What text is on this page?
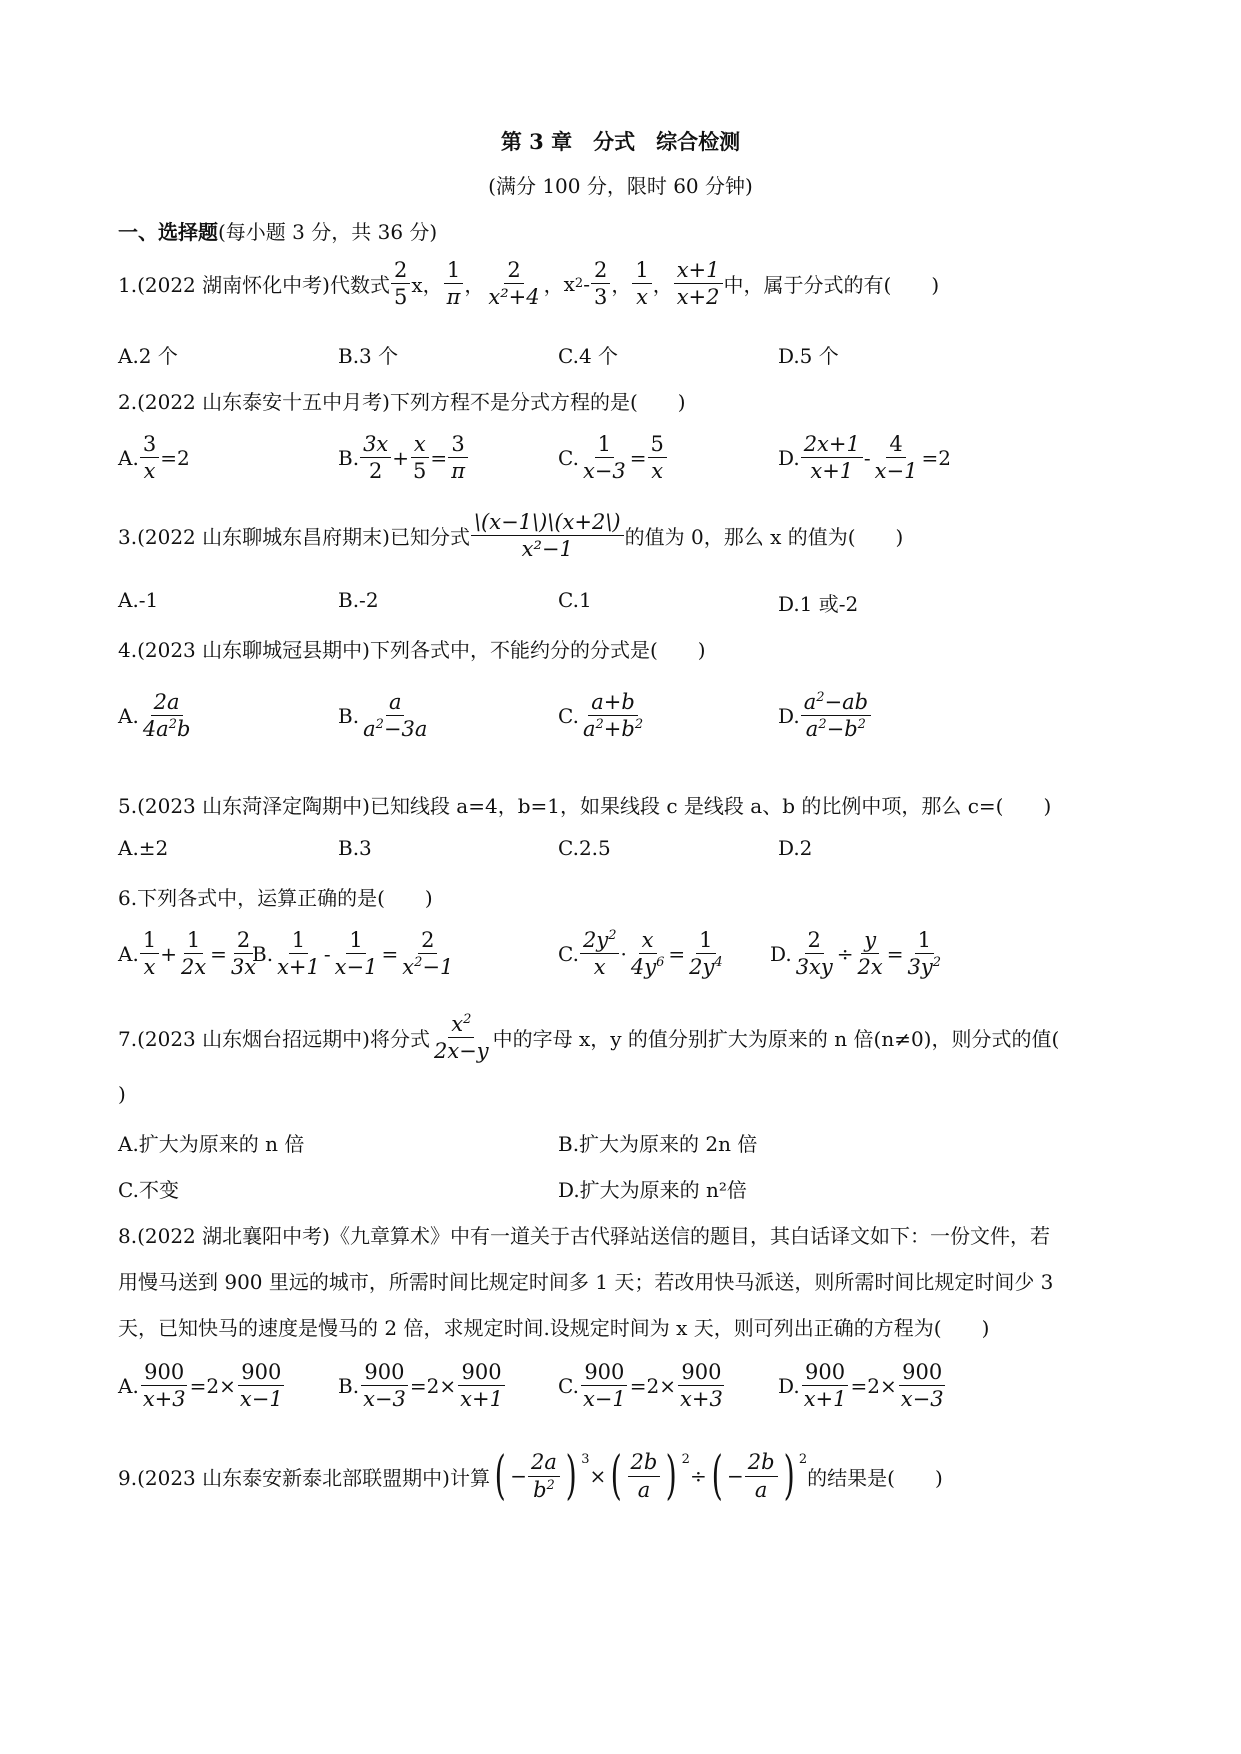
第 3 章　分式　综合检测
(满分 100 分，限时 60 分钟)
一、选择题(每小题 3 分，共 36 分)
1.(2022 湖南怀化中考)代数式 $\frac{2}{5}$ x， $\frac{1}{\pi}$ ， $\frac{2}{\text{x²+4}}$ ， x $2 - \frac{2}{3}$ ， $\frac{1}{x}$ ， $\frac{x+1}{x+2}$ 中，属于分式的有(　　)
A.2 个	B.3 个	C.4 个	D.5 个
2.(2022 山东泰安十五中月考)下列方程不是分式方程的是(　　)
A. $\frac{3}{x} =2$	B. $\frac{3x}{2} + \frac{x}{5} = \frac{3}{\pi}$	C. $\frac{1}{x-3} = \frac{5}{x}$	D. $\frac{2x+1}{x+1} - \frac{4}{x-1} =2$
3.(2022 山东聊城东昌府期末)已知分式 $\frac{\backslash(x-1\backslash)\backslash(x+2\backslash)}{\text{x²−1}}$ 的值为 0，那么 x 的值为(　　)
A.-1	B.-2	C.1	D.1 或-2
4.(2023 山东聊城冠县期中)下列各式中，不能约分的分式是(　　)
A. $\frac{2a}{4a^2b}$	B. $\frac{a}{a^2-3a}$	C. $\frac{a+b}{a^2+b^2}$	D. $\frac{a^2-ab}{a^2-b^2}$
5.(2023 山东菏泽定陶期中)已知线段 a=4，b=1，如果线段 c 是线段 a、b 的比例中项，那么 c=(　　)
A.±2	B.3	C.2.5	D.2
6.下列各式中，运算正确的是(　　)
A. $\frac{1}{x} + \frac{1}{2x} = \frac{2}{3x}$
B. $\frac{1}{x+1} - \frac{1}{x-1} = \frac{2}{x^2-1}$	C. $\frac{2y^2}{x} \cdot \frac{x}{4y^6} = \frac{1}{2y^4} D$. $\frac{2}{3xy} \div \frac{y}{2x} = \frac{1}{3y^2}$
7.(2023 山东烟台招远期中)将分式 $\frac{x^2}{2x-y}$ 中的字母 x，y 的值分别扩大为原来的 n 倍(n≠0)，则分式的值(
)
A.扩大为原来的 n 倍	B.扩大为原来的 2n 倍
C.不变	D.扩大为原来的 n²倍
8.(2022 湖北襄阳中考)《九章算术》中有一道关于古代驿站送信的题目，其白话译文如下：一份文件，若
用慢马送到 900 里远的城市，所需时间比规定时间多 1 天；若改用快马派送，则所需时间比规定时间少 3
天，已知快马的速度是慢马的 2 倍，求规定时间.设规定时间为 x 天，则可列出正确的方程为(　　)
A. $\frac{900}{x+3} =2\times \frac{900}{x-1}$	B. $\frac{900}{x-3} =2\times \frac{900}{x+1}$	C. $\frac{900}{x-1} =2\times \frac{900}{x+3}$	D. $\frac{900}{x+1} =2\times \frac{900}{x-3}$
9.(2023 山东泰安新泰北部联盟期中)计算 ( − $\frac{2a}{b^2}$ ) $^3$
× ( $\frac{2b}{a}$ ) $^2$
÷ ( − $\frac{2b}{a}$ ) $^2$
的结果是(　　)
